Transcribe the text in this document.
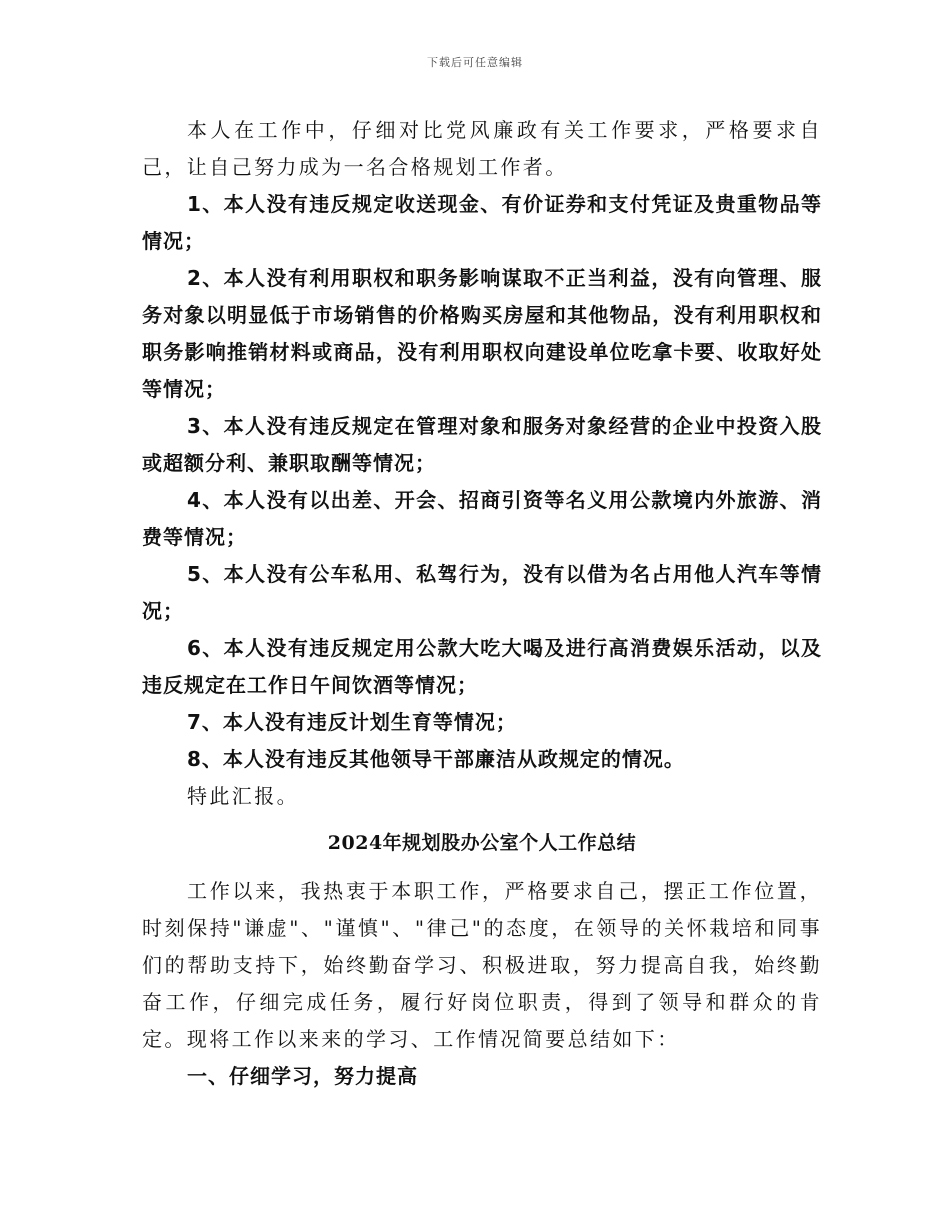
下载后可任意编辑

本人在工作中，仔细对比党风廉政有关工作要求，严格要求自己，让自己努力成为一名合格规划工作者。

1、本人没有违反规定收送现金、有价证券和支付凭证及贵重物品等情况；

2、本人没有利用职权和职务影响谋取不正当利益，没有向管理、服务对象以明显低于市场销售的价格购买房屋和其他物品，没有利用职权和职务影响推销材料或商品，没有利用职权向建设单位吃拿卡要、收取好处等情况；

3、本人没有违反规定在管理对象和服务对象经营的企业中投资入股或超额分利、兼职取酬等情况；

4、本人没有以出差、开会、招商引资等名义用公款境内外旅游、消费等情况；

5、本人没有公车私用、私驾行为，没有以借为名占用他人汽车等情况；

6、本人没有违反规定用公款大吃大喝及进行高消费娱乐活动，以及违反规定在工作日午间饮酒等情况；

7、本人没有违反计划生育等情况；

8、本人没有违反其他领导干部廉洁从政规定的情况。

特此汇报。

2024年规划股办公室个人工作总结

工作以来，我热衷于本职工作，严格要求自己，摆正工作位置，时刻保持"谦虚"、"谨慎"、"律己"的态度，在领导的关怀栽培和同事们的帮助支持下，始终勤奋学习、积极进取，努力提高自我，始终勤奋工作，仔细完成任务，履行好岗位职责，得到了领导和群众的肯定。现将工作以来来的学习、工作情况简要总结如下：

一、仔细学习，努力提高
